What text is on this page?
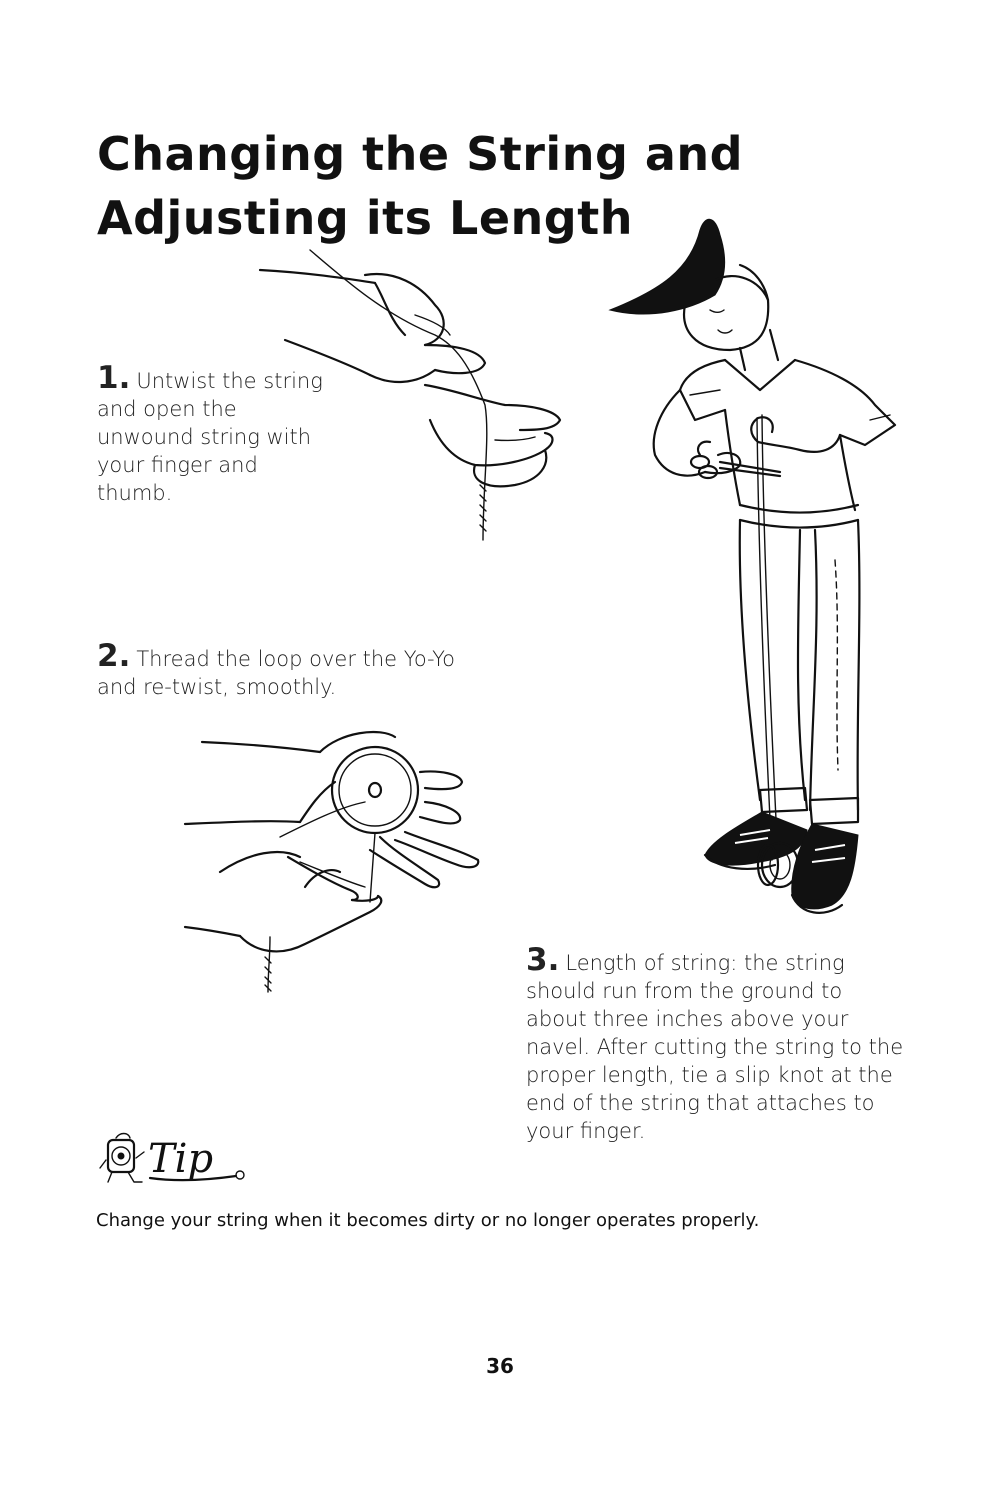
Changing the String and
Adjusting its Length
1. Untwist the string and open the unwound string with your finger and thumb.
2. Thread the loop over the Yo-Yo and re-twist, smoothly.
3. Length of string: the string should run from the ground to about three inches above your navel. After cutting the string to the proper length, tie a slip knot at the end of the string that attaches to your finger.
Tip
Change your string when it becomes dirty or no longer operates properly.
36
